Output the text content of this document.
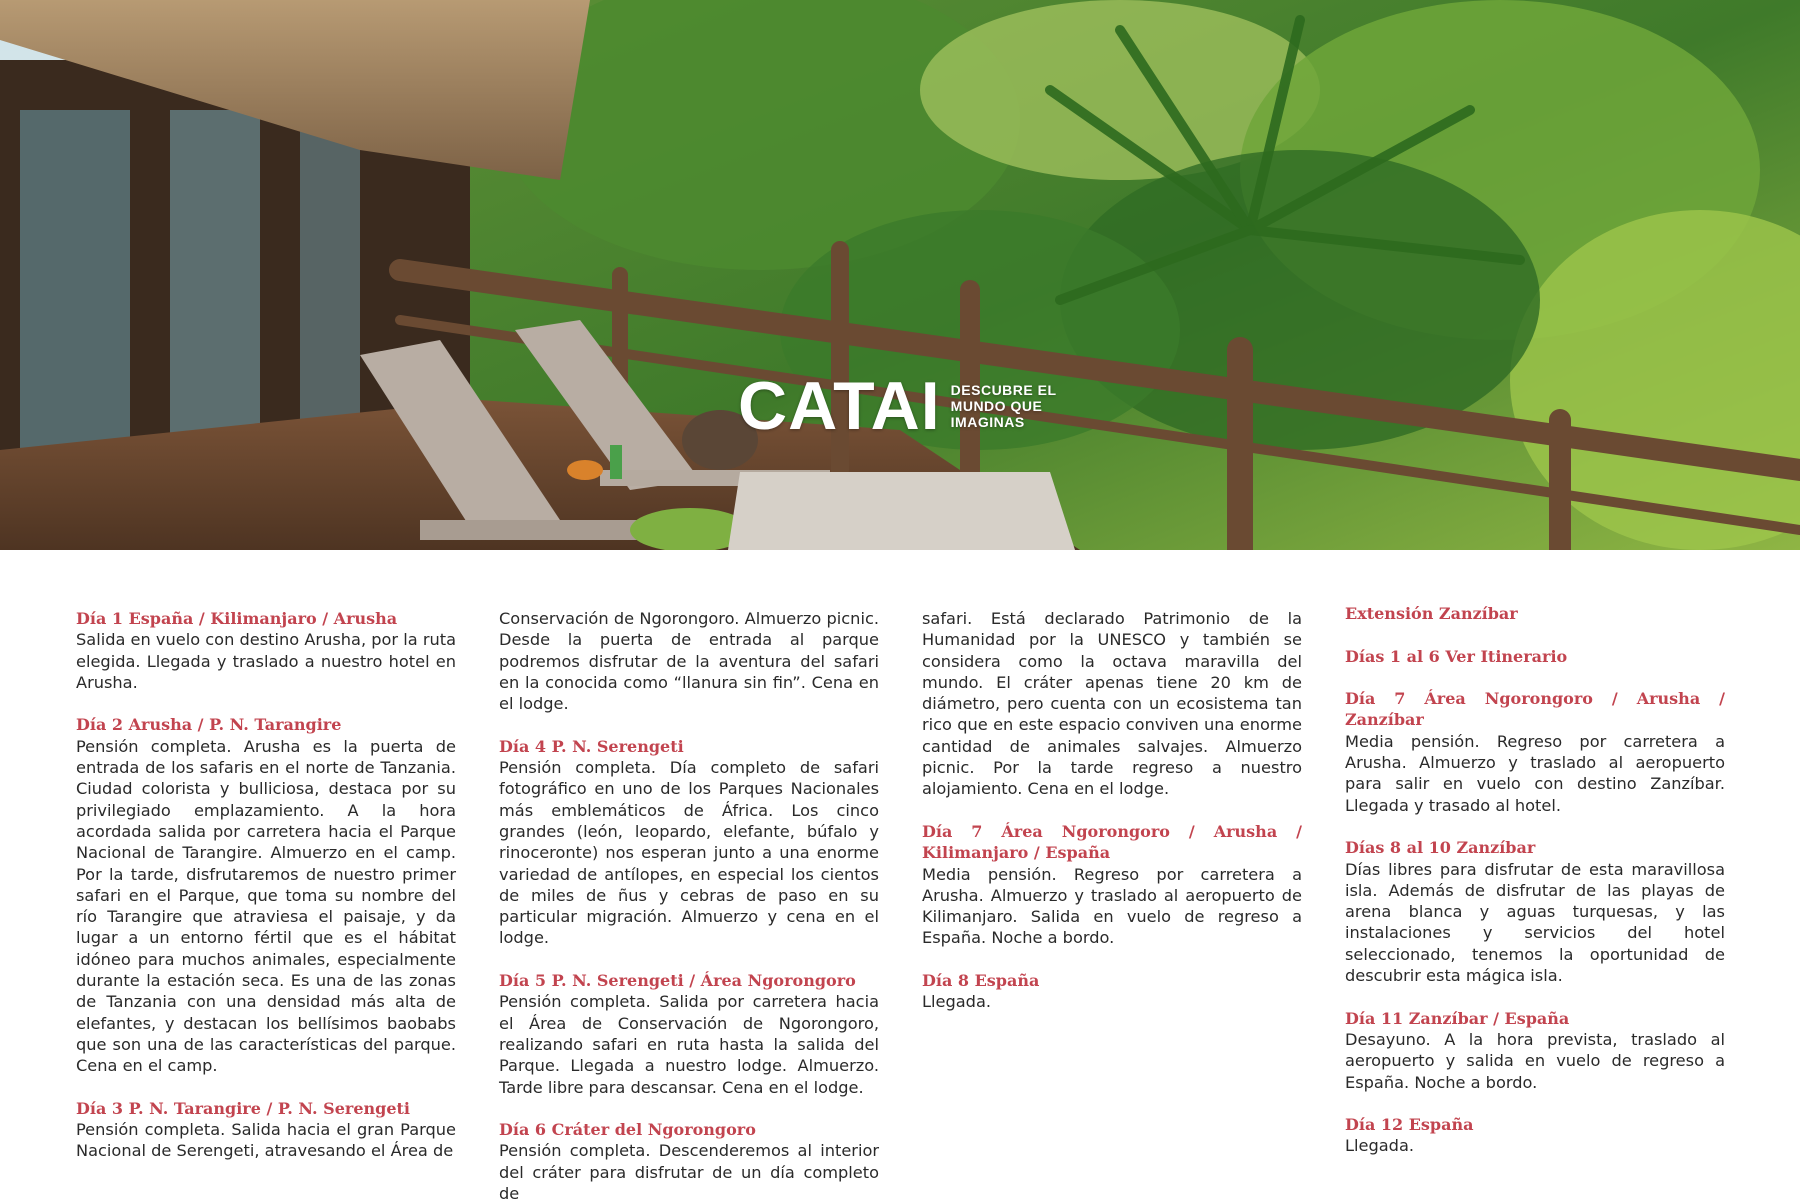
CATAI DESCUBRE EL
MUNDO QUE
IMAGINAS

Día 1 España / Kilimanjaro / Arusha
Salida en vuelo con destino Arusha, por la ruta elegida. Llegada y traslado a nuestro hotel en Arusha.

Día 2 Arusha / P. N. Tarangire
Pensión completa. Arusha es la puerta de entrada de los safaris en el norte de Tanzania. Ciudad colorista y bulliciosa, destaca por su privilegiado emplazamiento. A la hora acordada salida por carretera hacia el Parque Nacional de Tarangire. Almuerzo en el camp. Por la tarde, disfrutaremos de nuestro primer safari en el Parque, que toma su nombre del río Tarangire que atraviesa el paisaje, y da lugar a un entorno fértil que es el hábitat idóneo para muchos animales, especialmente durante la estación seca. Es una de las zonas de Tanzania con una densidad más alta de elefantes, y destacan los bellísimos baobabs que son una de las características del parque. Cena en el camp.

Día 3 P. N. Tarangire / P. N. Serengeti
Pensión completa. Salida hacia el gran Parque Nacional de Serengeti, atravesando el Área de

Conservación de Ngorongoro. Almuerzo picnic. Desde la puerta de entrada al parque podremos disfrutar de la aventura del safari en la conocida como “llanura sin fin”. Cena en el lodge.

Día 4 P. N. Serengeti
Pensión completa. Día completo de safari fotográfico en uno de los Parques Nacionales más emblemáticos de África. Los cinco grandes (león, leopardo, elefante, búfalo y rinoceronte) nos esperan junto a una enorme variedad de antílopes, en especial los cientos de miles de ñus y cebras de paso en su particular migración. Almuerzo y cena en el lodge.

Día 5 P. N. Serengeti / Área Ngorongoro
Pensión completa. Salida por carretera hacia el Área de Conservación de Ngorongoro, realizando safari en ruta hasta la salida del Parque. Llegada a nuestro lodge. Almuerzo. Tarde libre para descansar. Cena en el lodge.

Día 6 Cráter del Ngorongoro
Pensión completa. Descenderemos al interior del cráter para disfrutar de un día completo de

safari. Está declarado Patrimonio de la Humanidad por la UNESCO y también se considera como la octava maravilla del mundo. El cráter apenas tiene 20 km de diámetro, pero cuenta con un ecosistema tan rico que en este espacio conviven una enorme cantidad de animales salvajes. Almuerzo picnic. Por la tarde regreso a nuestro alojamiento. Cena en el lodge.

Día 7 Área Ngorongoro / Arusha / Kilimanjaro / España
Media pensión. Regreso por carretera a Arusha. Almuerzo y traslado al aeropuerto de Kilimanjaro. Salida en vuelo de regreso a España. Noche a bordo.

Día 8 España
Llegada.

Extensión Zanzíbar

Días 1 al 6 Ver Itinerario

Día 7 Área Ngorongoro / Arusha / Zanzíbar
Media pensión. Regreso por carretera a Arusha. Almuerzo y traslado al aeropuerto para salir en vuelo con destino Zanzíbar. Llegada y trasado al hotel.

Días 8 al 10 Zanzíbar
Días libres para disfrutar de esta maravillosa isla. Además de disfrutar de las playas de arena blanca y aguas turquesas, y las instalaciones y servicios del hotel seleccionado, tenemos la oportunidad de descubrir esta mágica isla.

Día 11 Zanzíbar / España
Desayuno. A la hora prevista, traslado al aeropuerto y salida en vuelo de regreso a España. Noche a bordo.

Día 12 España
Llegada.
